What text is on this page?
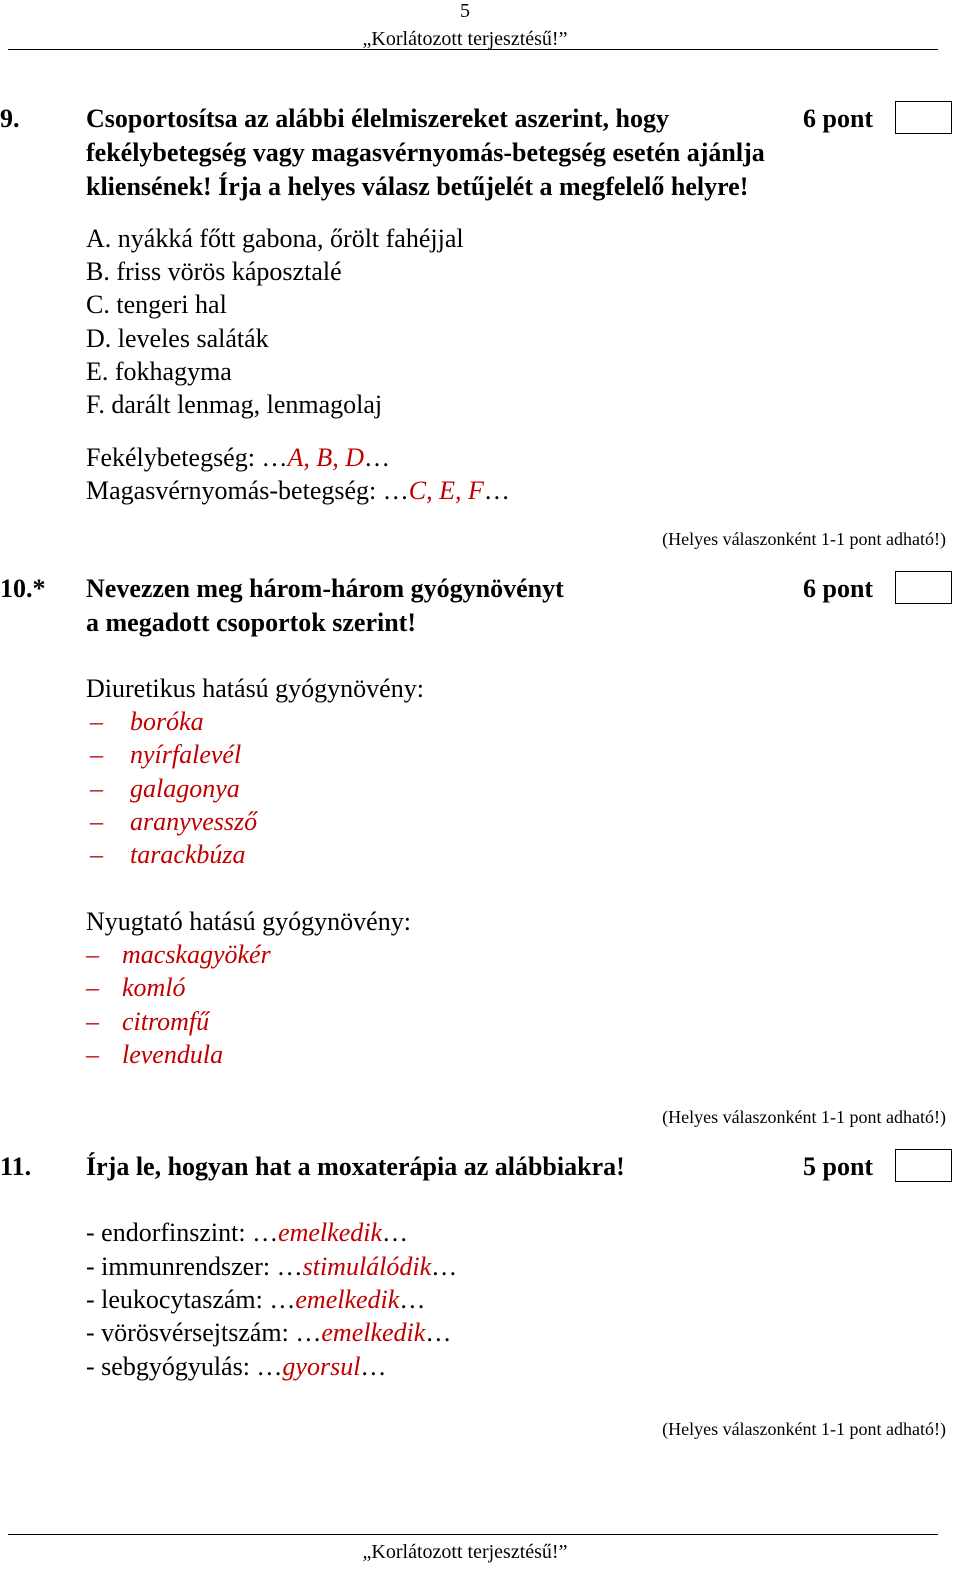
5
„Korlátozott terjesztésű!”
9.	Csoportosítsa az alábbi élelmiszereket aszerint, hogy
fekélybetegség vagy magasvérnyomás-betegség esetén ajánlja
kliensének! Írja a helyes válasz betűjelét a megfelelő helyre!
6 pont
A. nyákká főtt gabona, őrölt fahéjjal
B. friss vörös káposztalé
C. tengeri hal
D. leveles saláták
E. fokhagyma
F. darált lenmag, lenmagolaj
Fekélybetegség: …A, B, D…
Magasvérnyomás-betegség: …C, E, F…
(Helyes válaszonként 1-1 pont adható!)
10.* Nevezzen meg három-három gyógynövényt
a megadott csoportok szerint!
6 pont
Diuretikus hatású gyógynövény:
– boróka
– nyírfalevél
– galagonya
– aranyvessző
– tarackbúza
Nyugtató hatású gyógynövény:
– macskagyökér
– komló
– citromfű
– levendula
(Helyes válaszonként 1-1 pont adható!)
11. Írja le, hogyan hat a moxaterápia az alábbiakra!	5 pont
- endorfinszint: …emelkedik…
- immunrendszer: …stimulálódik…
- leukocytaszám: …emelkedik…
- vörösvérsejtszám: …emelkedik…
- sebgyógyulás: …gyorsul…
(Helyes válaszonként 1-1 pont adható!)
„Korlátozott terjesztésű!”
